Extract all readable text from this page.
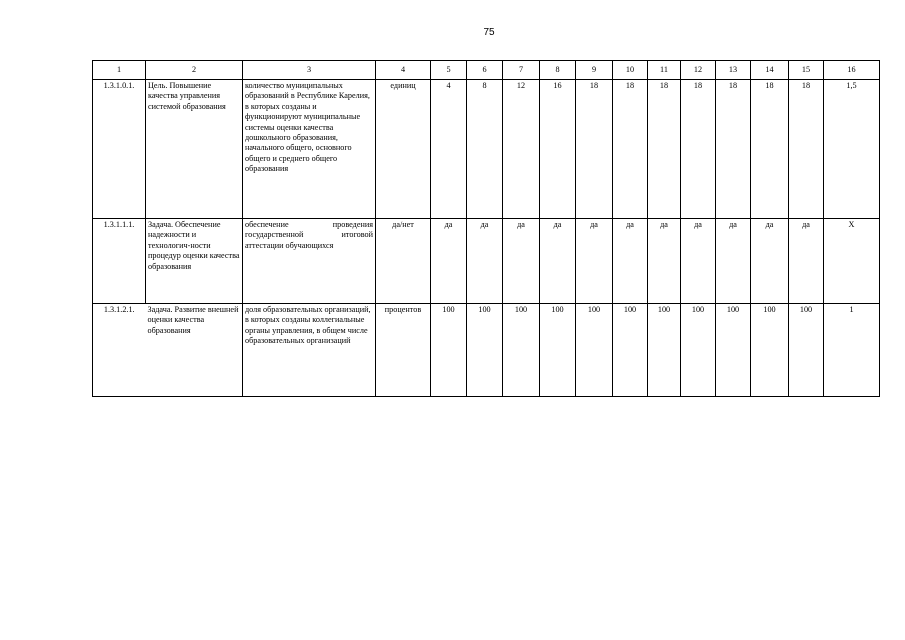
75
1	2	3	4	5	6	7	8	9	10	11	12	13	14	15	16
1.3.1.0.1.	Цель. Повышение качества управления системой образования	количество муниципальных образований в Республике Карелия, в которых созданы и функционируют муниципальные системы оценки качества дошкольного образования, начального общего, основного общего и среднего общего образования	единиц	4	8	12	16	18	18	18	18	18	18	18	1,5
1.3.1.1.1.	Задача. Обеспечение надежности и технологич-ности процедур оценки качества образования	обеспечение проведения государственной итоговой аттестации обучающихся	да/нет	да	да	да	да	да	да	да	да	да	да	да	Х
1.3.1.2.1.	Задача. Развитие внешней оценки качества образования	доля образовательных организаций, в которых созданы коллегиальные органы управления, в общем числе образовательных организаций	процентов	100	100	100	100	100	100	100	100	100	100	100	1
